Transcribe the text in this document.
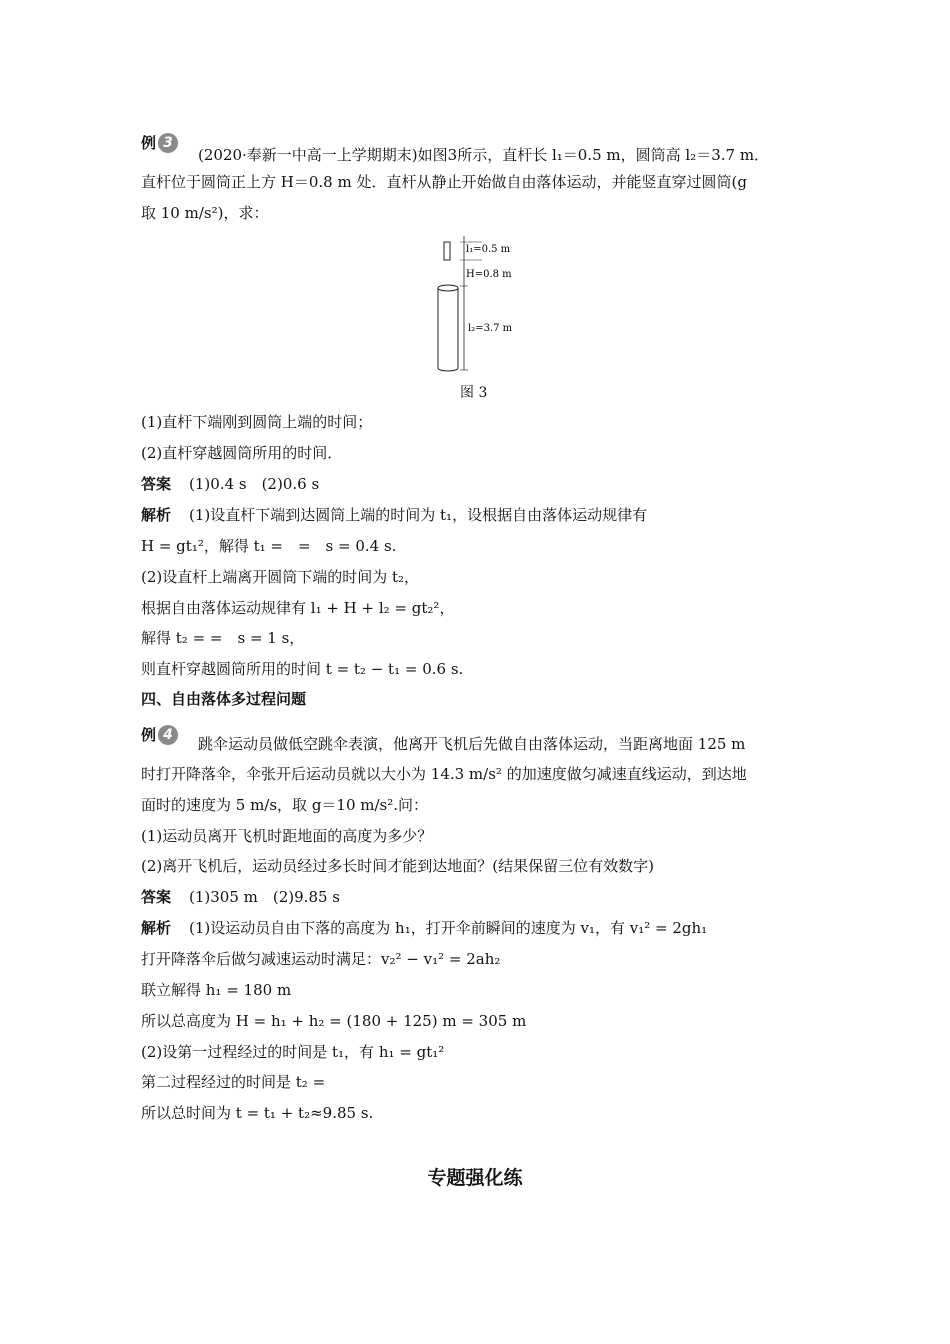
例 3
(2020·奉新一中高一上学期期末)如图3所示，直杆长 l₁＝0.5 m，圆筒高 l₂＝3.7 m．
直杆位于圆筒正上方 H＝0.8 m 处．直杆从静止开始做自由落体运动，并能竖直穿过圆筒(g
取 10 m/s²)，求：
l₁=0.5 m
H=0.8 m
l₂=3.7 m
图 3
(1)直杆下端刚到圆筒上端的时间；
(2)直杆穿越圆筒所用的时间．
答案 (1)0.4 s　(2)0.6 s
解析 (1)设直杆下端到达圆筒上端的时间为 t₁，设根据自由落体运动规律有
H = gt₁²，解得 t₁ =　=　s = 0.4 s.
(2)设直杆上端离开圆筒下端的时间为 t₂，
根据自由落体运动规律有 l₁ + H + l₂ = gt₂²，
解得 t₂ = =　s = 1 s，
则直杆穿越圆筒所用的时间 t = t₂ − t₁ = 0.6 s.
四、自由落体多过程问题
例 4	跳伞运动员做低空跳伞表演，他离开飞机后先做自由落体运动，当距离地面 125 m
时打开降落伞，伞张开后运动员就以大小为 14.3 m/s² 的加速度做匀减速直线运动，到达地
面时的速度为 5 m/s，取 g＝10 m/s².问：
(1)运动员离开飞机时距地面的高度为多少？
(2)离开飞机后，运动员经过多长时间才能到达地面？(结果保留三位有效数字)
答案 (1)305 m　(2)9.85 s
解析 (1)设运动员自由下落的高度为 h₁，打开伞前瞬间的速度为 v₁，有 v₁² = 2gh₁
打开降落伞后做匀减速运动时满足：v₂² − v₁² = 2ah₂
联立解得 h₁ = 180 m
所以总高度为 H = h₁ + h₂ = (180 + 125) m = 305 m
(2)设第一过程经过的时间是 t₁，有 h₁ = gt₁²
第二过程经过的时间是 t₂ =
所以总时间为 t = t₁ + t₂≈9.85 s.
专题强化练
